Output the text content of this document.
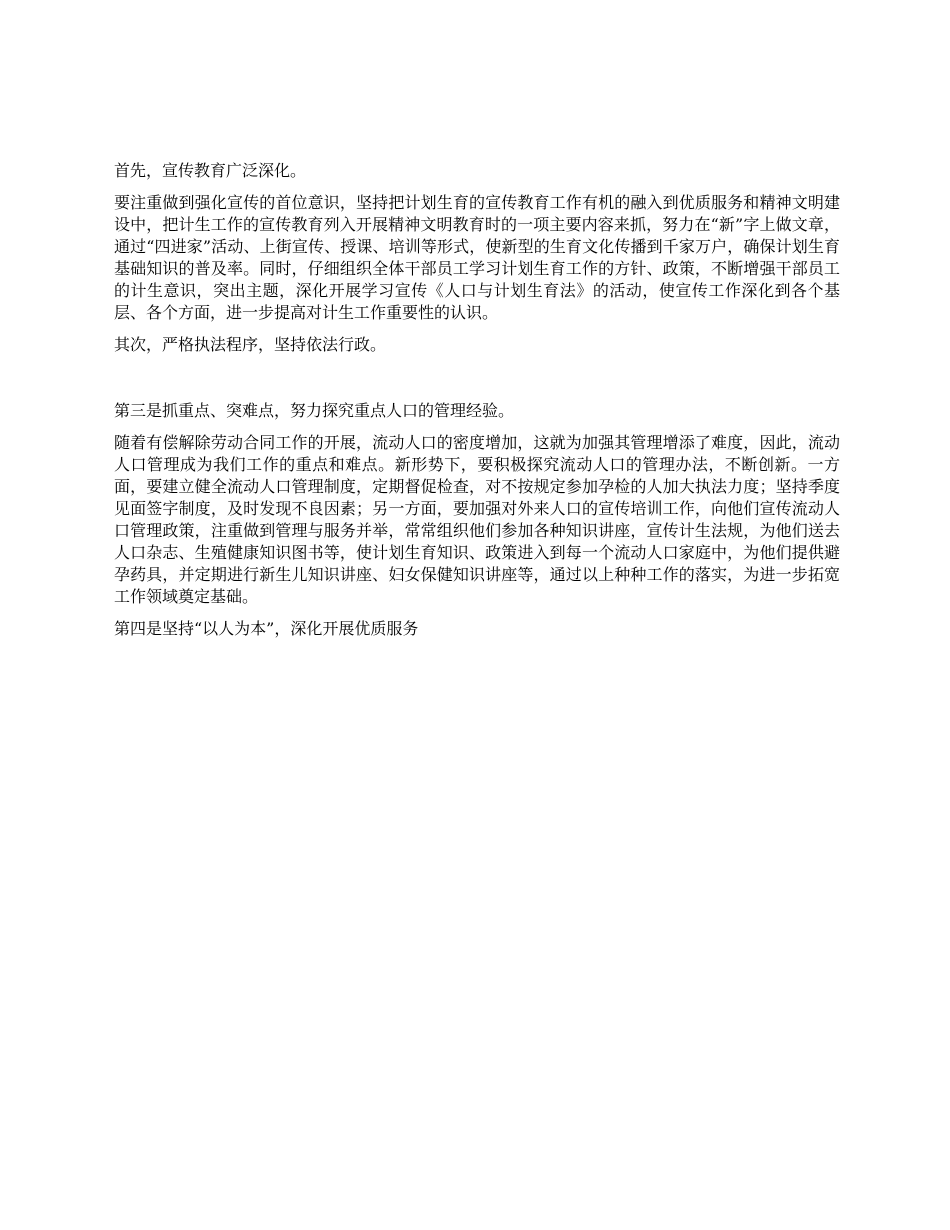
首先，宣传教育广泛深化。

要注重做到强化宣传的首位意识，坚持把计划生育的宣传教育工作有机的融入到优质服务和精神文明建设中，把计生工作的宣传教育列入开展精神文明教育时的一项主要内容来抓，努力在“新”字上做文章，通过“四进家”活动、上街宣传、授课、培训等形式，使新型的生育文化传播到千家万户，确保计划生育基础知识的普及率。同时，仔细组织全体干部员工学习计划生育工作的方针、政策，不断增强干部员工的计生意识，突出主题，深化开展学习宣传《人口与计划生育法》的活动，使宣传工作深化到各个基层、各个方面，进一步提高对计生工作重要性的认识。

其次，严格执法程序，坚持依法行政。

第三是抓重点、突难点，努力探究重点人口的管理经验。

随着有偿解除劳动合同工作的开展，流动人口的密度增加，这就为加强其管理增添了难度，因此，流动人口管理成为我们工作的重点和难点。新形势下，要积极探究流动人口的管理办法，不断创新。一方面，要建立健全流动人口管理制度，定期督促检查，对不按规定参加孕检的人加大执法力度；坚持季度见面签字制度，及时发现不良因素；另一方面，要加强对外来人口的宣传培训工作，向他们宣传流动人口管理政策，注重做到管理与服务并举，常常组织他们参加各种知识讲座，宣传计生法规，为他们送去人口杂志、生殖健康知识图书等，使计划生育知识、政策进入到每一个流动人口家庭中，为他们提供避孕药具，并定期进行新生儿知识讲座、妇女保健知识讲座等，通过以上种种工作的落实，为进一步拓宽工作领域奠定基础。

第四是坚持“以人为本”，深化开展优质服务
